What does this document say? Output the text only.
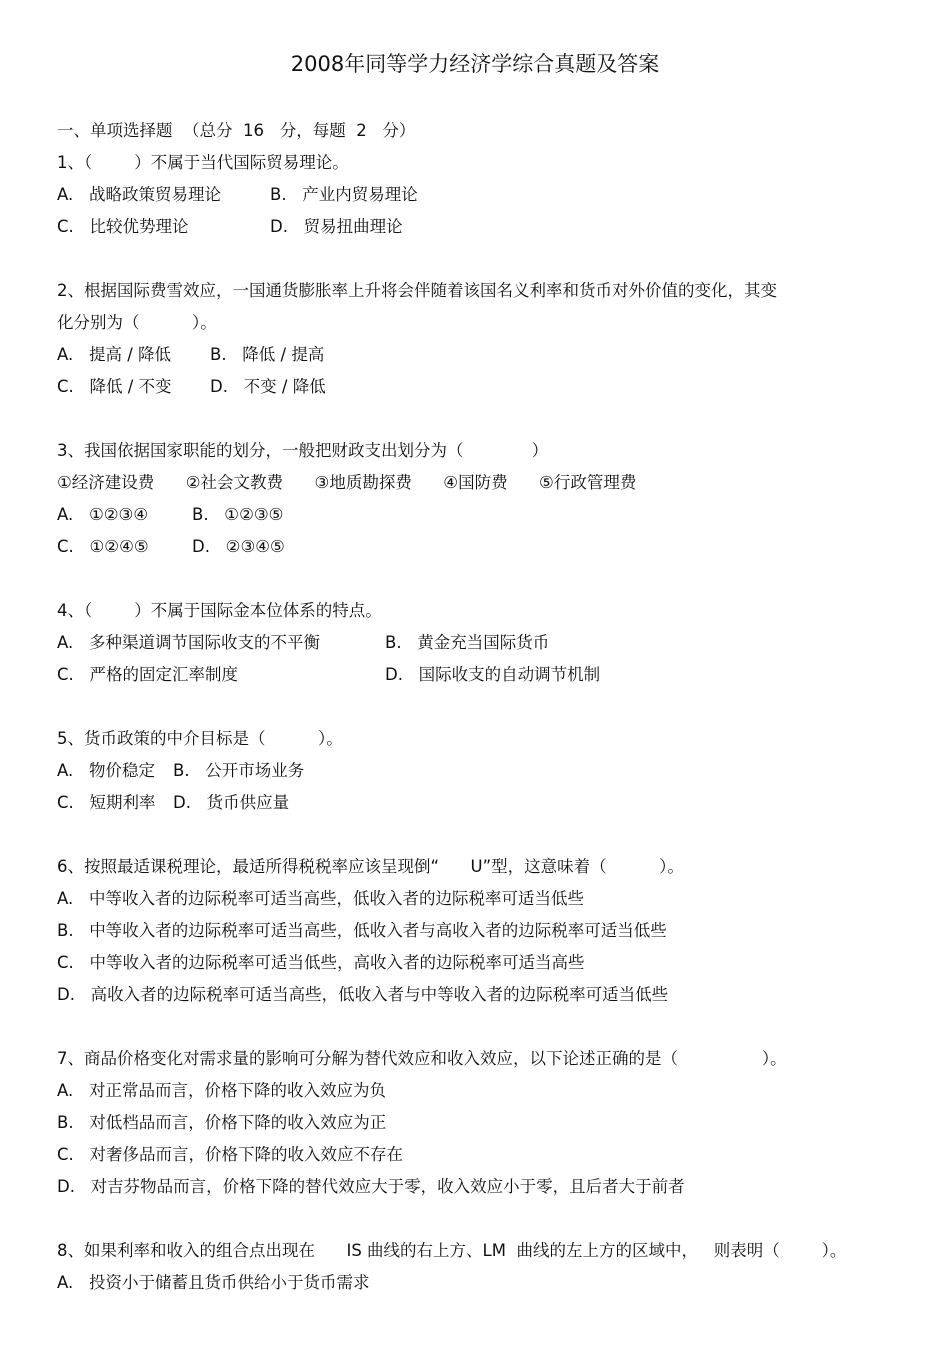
2008年同等学力经济学综合真题及答案
一、单项选择题  （总分  16   分，每题  2   分）
1、（        ）不属于当代国际贸易理论。
A.   战略政策贸易理论	B.   产业内贸易理论
C.   比较优势理论	D.   贸易扭曲理论
2、根据国际费雪效应，一国通货膨胀率上升将会伴随着该国名义利率和货币对外价值的变化，其变
化分别为（          ）。
A.   提高 / 降低 B.   降低 / 提高
C.   降低 / 不变 D.   不变 / 降低
3、我国依据国家职能的划分，一般把财政支出划分为（             ）
①经济建设费      ②社会文教费      ③地质勘探费      ④国防费      ⑤行政管理费
A.   ①②③④	B.   ①②③⑤
C.   ①②④⑤	D.   ②③④⑤
4、（        ）不属于国际金本位体系的特点。
A.   多种渠道调节国际收支的不平衡	B.   黄金充当国际货币
C.   严格的固定汇率制度	D.   国际收支的自动调节机制
5、货币政策的中介目标是（          ）。
A.   物价稳定 B.   公开市场业务
C.   短期利率 D.   货币供应量
6、按照最适课税理论，最适所得税税率应该呈现倒“      U”型，这意味着（          ）。
A.   中等收入者的边际税率可适当高些，低收入者的边际税率可适当低些
B.   中等收入者的边际税率可适当高些，低收入者与高收入者的边际税率可适当低些
C.   中等收入者的边际税率可适当低些，高收入者的边际税率可适当高些
D.   高收入者的边际税率可适当高些，低收入者与中等收入者的边际税率可适当低些
7、商品价格变化对需求量的影响可分解为替代效应和收入效应，以下论述正确的是（                ）。
A.   对正常品而言，价格下降的收入效应为负
B.   对低档品而言，价格下降的收入效应为正
C.   对奢侈品而言，价格下降的收入效应不存在
D.   对吉芬物品而言，价格下降的替代效应大于零，收入效应小于零，且后者大于前者
8、如果利率和收入的组合点出现在      IS 曲线的右上方、LM  曲线的左上方的区域中，   则表明（        ）。
A.   投资小于储蓄且货币供给小于货币需求
